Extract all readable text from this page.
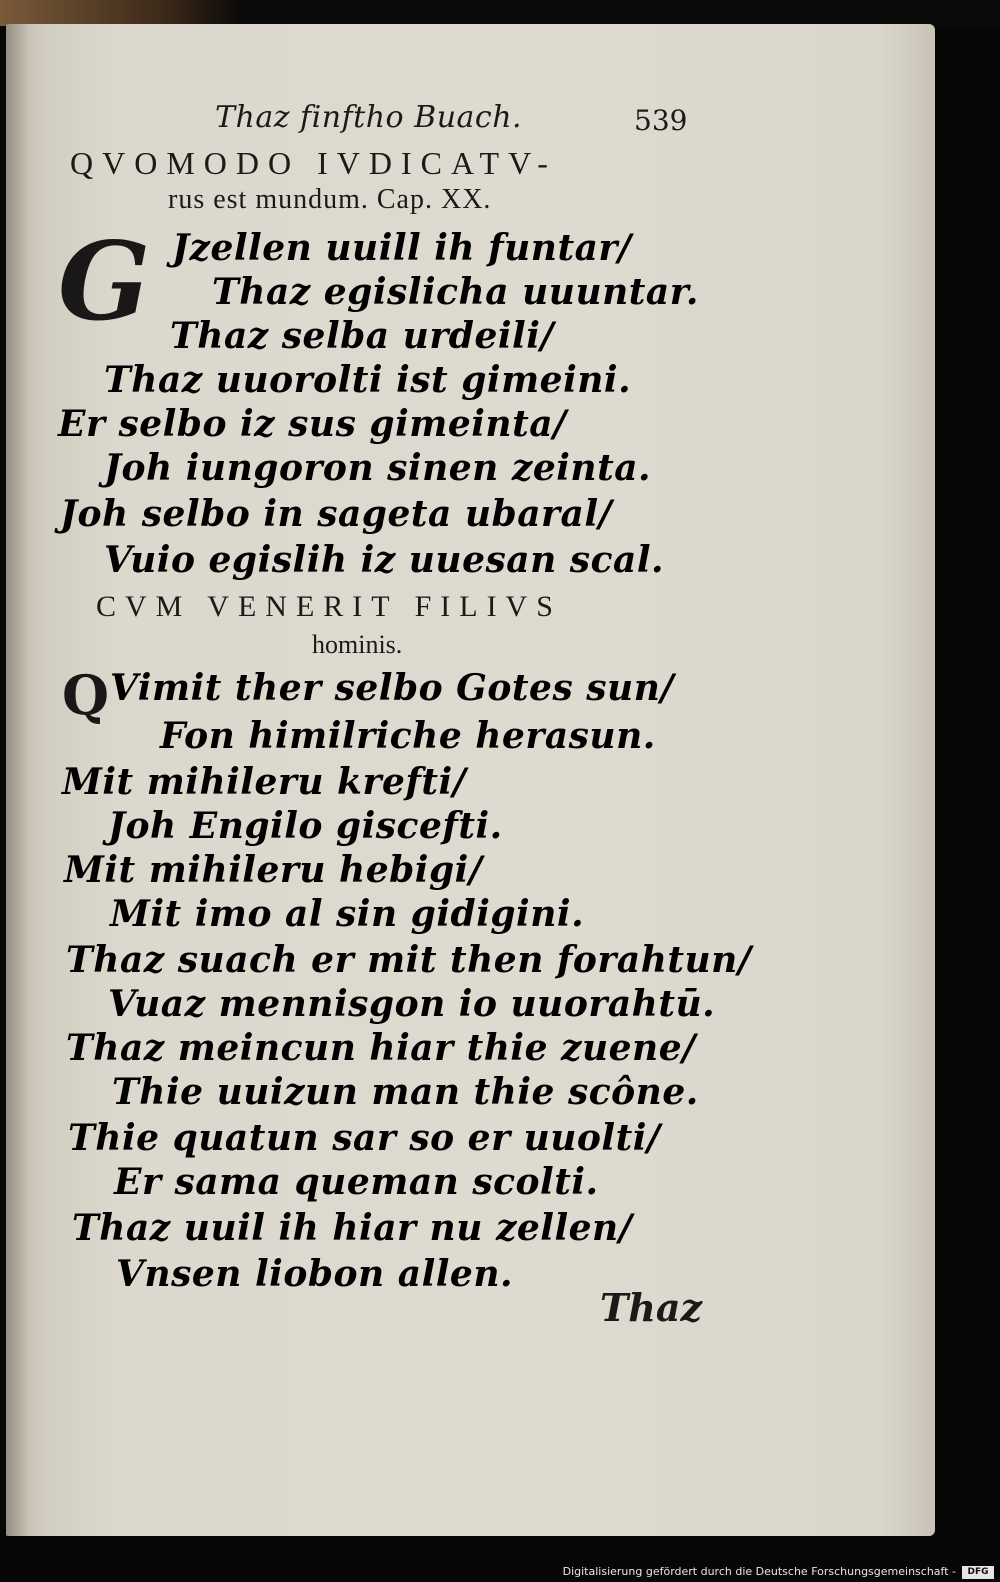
Thaz finftho Buach.	539
QVOMODO IVDICATV-
rus est mundum. Cap. XX.
G Jzellen uuill ih funtar/
Thaz egislicha uuuntar.
Thaz selba urdeili/
Thaz uuorolti ist gimeini.
Er selbo iz sus gimeinta/
Joh iungoron sinen zeinta.
Joh selbo in sageta ubaral/
Vuio egislih iz uuesan scal.
CVM VENERIT FILIVS
hominis.
Q Vimit ther selbo Gotes sun/
Fon himilriche herasun.
Mit mihileru krefti/
Joh Engilo giscefti.
Mit mihileru hebigi/
Mit imo al sin gidigini.
Thaz suach er mit then forahtun/
Vuaz mennisgon io uuorahtū.
Thaz meincun hiar thie zuene/
Thie uuizun man thie scône.
Thie quatun sar so er uuolti/
Er sama queman scolti.
Thaz uuil ih hiar nu zellen/
Vnsen liobon allen.
Thaz
Digitalisierung gefördert durch die Deutsche Forschungsgemeinschaft -	DFG
